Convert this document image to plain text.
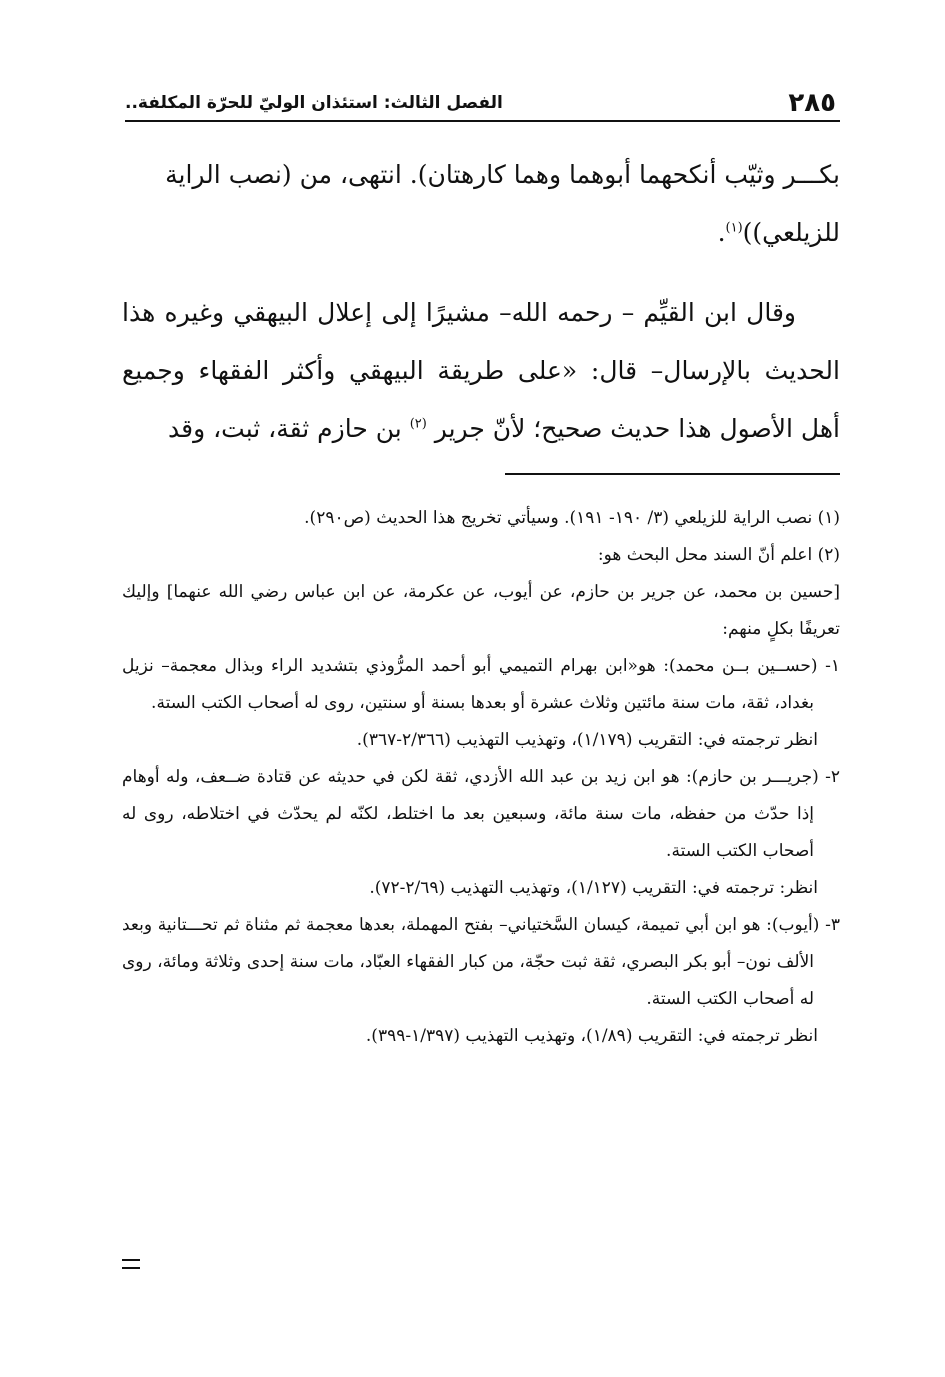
٢٨٥
الفصل الثالث: استئذان الوليّ للحرّة المكلفة..

بكـــر وثيّب أنكحهما أبوهما وهما كارهتان). انتهى، من (نصب الراية
للزيلعي))$^{(١)}$.

وقال ابن القيِّم – رحمه الله– مشيرًا إلى إعلال البيهقي وغيره هذا الحديث بالإرسال– قال: «على طريقة البيهقي وأكثر الفقهاء وجميع أهل الأصول هذا حديث صحيح؛ لأنّ جرير $^{(٢)}$ بن حازم ثقة، ثبت، وقد

(١) نصب الراية للزيلعي (٣/ ١٩٠- ١٩١). وسيأتي تخريج هذا الحديث (ص٢٩٠).

(٢) اعلم أنّ السند محل البحث هو:

[حسين بن محمد، عن جرير بن حازم، عن أيوب، عن عكرمة، عن ابن عباس رضي الله عنهما] وإليك تعريفًا بكلٍ منهم:

١- (حســين بــن محمد): هو«ابن بهرام التميمي أبو أحمد المرُّوذي بتشديد الراء وبذال معجمة– نزيل بغداد، ثقة، مات سنة مائتين وثلاث عشرة أو بعدها بسنة أو سنتين، روى له أصحاب الكتب الستة.

انظر ترجمته في: التقريب (١/١٧٩)، وتهذيب التهذيب (٢/٣٦٦-٣٦٧).

٢- (جريـــر بن حازم): هو ابن زيد بن عبد الله الأزدي، ثقة لكن في حديثه عن قتادة ضــعف، وله أوهام إذا حدّث من حفظه، مات سنة مائة، وسبعين بعد ما اختلط، لكنّه لم يحدّث في اختلاطه، روى له أصحاب الكتب الستة.

انظر: ترجمته في: التقريب (١/١٢٧)، وتهذيب التهذيب (٢/٦٩-٧٢).

٣- (أيوب): هو ابن أبي تميمة، كيسان السَّختياني– بفتح المهملة، بعدها معجمة ثم مثناة ثم تحـــتانية وبعد الألف نون– أبو بكر البصري، ثقة ثبت حجّة، من كبار الفقهاء العبّاد، مات سنة إحدى وثلاثة ومائة، روى له أصحاب الكتب الستة.

انظر ترجمته في: التقريب (١/٨٩)، وتهذيب التهذيب (١/٣٩٧-٣٩٩).
